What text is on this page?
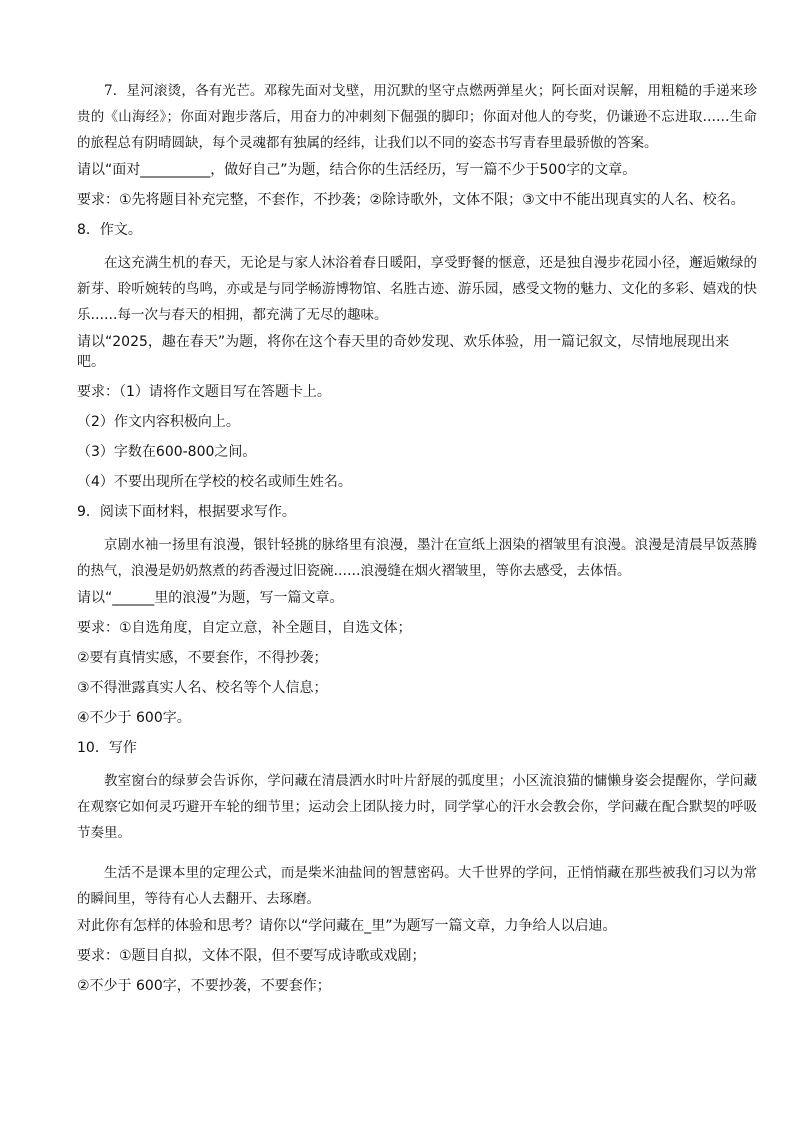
7．星河滚烫，各有光芒。邓稼先面对戈壁，用沉默的坚守点燃两弹星火；阿长面对误解，用粗糙的手递来珍贵的《山海经》；你面对跑步落后，用奋力的冲刺刻下倔强的脚印；你面对他人的夸奖，仍谦逊不忘进取……生命的旅程总有阴晴圆缺，每个灵魂都有独属的经纬，让我们以不同的姿态书写青春里最骄傲的答案。

请以“面对__________，做好自己”为题，结合你的生活经历，写一篇不少于500字的文章。

要求：①先将题目补充完整，不套作，不抄袭；②除诗歌外，文体不限；③文中不能出现真实的人名、校名。

8．作文。

在这充满生机的春天，无论是与家人沐浴着春日暖阳，享受野餐的惬意，还是独自漫步花园小径，邂逅嫩绿的新芽、聆听婉转的鸟鸣，亦或是与同学畅游博物馆、名胜古迹、游乐园，感受文物的魅力、文化的多彩、嬉戏的快乐……每一次与春天的相拥，都充满了无尽的趣味。

请以“2025，趣在春天”为题，将你在这个春天里的奇妙发现、欢乐体验，用一篇记叙文，尽情地展现出来吧。

要求：（1）请将作文题目写在答题卡上。

（2）作文内容积极向上。

（3）字数在600-800之间。

（4）不要出现所在学校的校名或师生姓名。

9．阅读下面材料，根据要求写作。

京剧水袖一扬里有浪漫，银针轻挑的脉络里有浪漫，墨汁在宣纸上洇染的褶皱里有浪漫。浪漫是清晨早饭蒸腾的热气，浪漫是奶奶熬煮的药香漫过旧瓷碗……浪漫缝在烟火褶皱里，等你去感受，去体悟。

请以“______里的浪漫”为题，写一篇文章。

要求：①自选角度，自定立意，补全题目，自选文体；

②要有真情实感，不要套作，不得抄袭；

③不得泄露真实人名、校名等个人信息；

④不少于 600字。

10．写作

教室窗台的绿萝会告诉你，学问藏在清晨洒水时叶片舒展的弧度里；小区流浪猫的慵懒身姿会提醒你，学问藏在观察它如何灵巧避开车轮的细节里；运动会上团队接力时，同学掌心的汗水会教会你，学问藏在配合默契的呼吸节奏里。

生活不是课本里的定理公式，而是柴米油盐间的智慧密码。大千世界的学问，正悄悄藏在那些被我们习以为常的瞬间里，等待有心人去翻开、去琢磨。

对此你有怎样的体验和思考？请你以“学问藏在_里”为题写一篇文章，力争给人以启迪。

要求：①题目自拟，文体不限，但不要写成诗歌或戏剧；

②不少于 600字，不要抄袭，不要套作；
